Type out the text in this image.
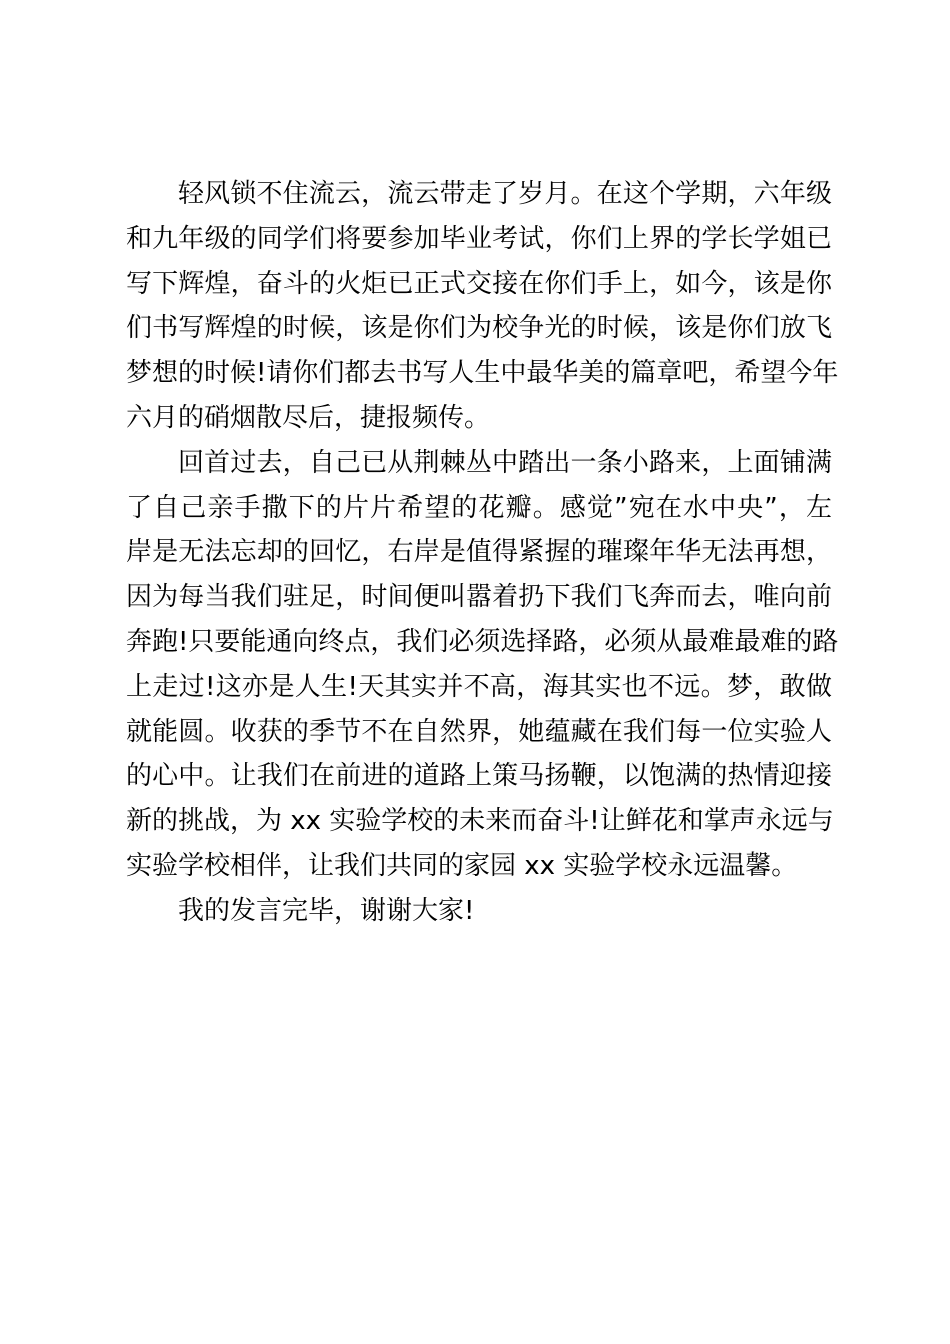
轻风锁不住流云，流云带走了岁月。在这个学期，六年级
和九年级的同学们将要参加毕业考试，你们上界的学长学姐已
写下辉煌，奋斗的火炬已正式交接在你们手上，如今，该是你
们书写辉煌的时候，该是你们为校争光的时候，该是你们放飞
梦想的时候!请你们都去书写人生中最华美的篇章吧，希望今年
六月的硝烟散尽后，捷报频传。
回首过去，自己已从荆棘丛中踏出一条小路来，上面铺满
了自己亲手撒下的片片希望的花瓣。感觉”宛在水中央”，左
岸是无法忘却的回忆，右岸是值得紧握的璀璨年华无法再想，
因为每当我们驻足，时间便叫嚣着扔下我们飞奔而去，唯向前
奔跑!只要能通向终点，我们必须选择路，必须从最难最难的路
上走过!这亦是人生!天其实并不高，海其实也不远。梦，敢做
就能圆。收获的季节不在自然界，她蕴藏在我们每一位实验人
的心中。让我们在前进的道路上策马扬鞭，以饱满的热情迎接
新的挑战，为 xx 实验学校的未来而奋斗!让鲜花和掌声永远与
实验学校相伴，让我们共同的家园 xx 实验学校永远温馨。
我的发言完毕，谢谢大家!
